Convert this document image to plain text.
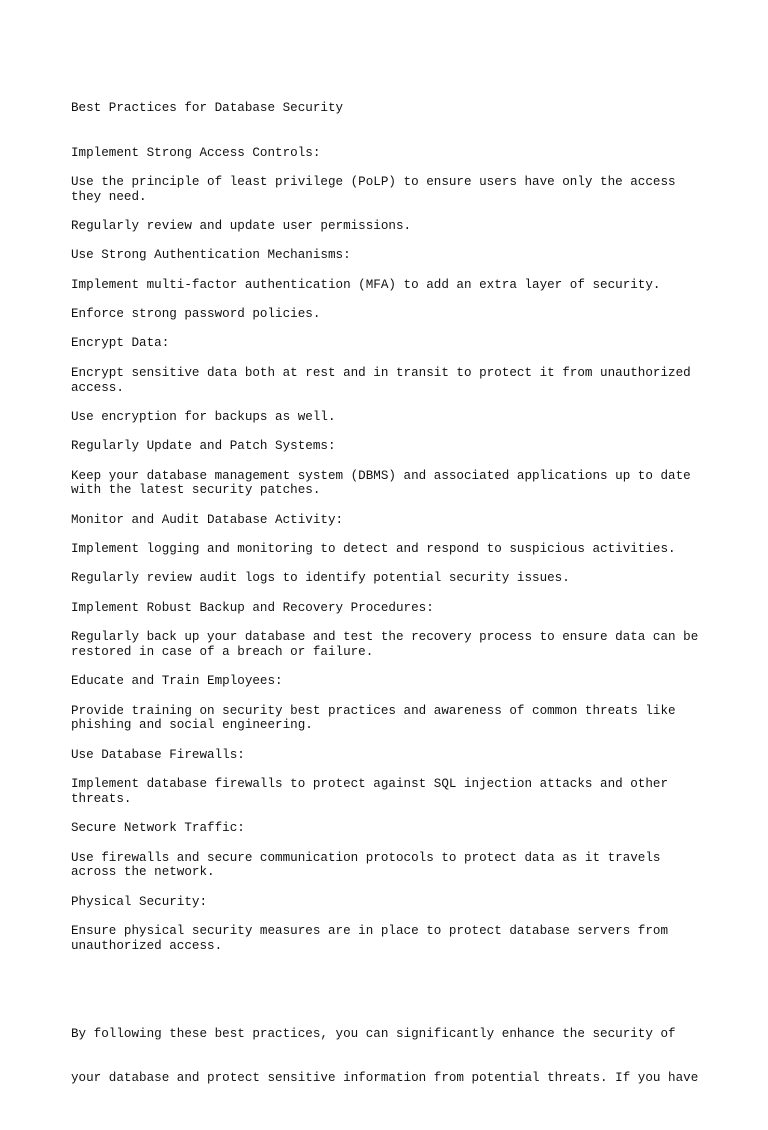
Best Practices for Database Security

Implement Strong Access Controls:
Use the principle of least privilege (PoLP) to ensure users have only the access
they need.
Regularly review and update user permissions.
Use Strong Authentication Mechanisms:
Implement multi-factor authentication (MFA) to add an extra layer of security.
Enforce strong password policies.
Encrypt Data:
Encrypt sensitive data both at rest and in transit to protect it from unauthorized
access.
Use encryption for backups as well.
Regularly Update and Patch Systems:
Keep your database management system (DBMS) and associated applications up to date
with the latest security patches.
Monitor and Audit Database Activity:
Implement logging and monitoring to detect and respond to suspicious activities.
Regularly review audit logs to identify potential security issues.
Implement Robust Backup and Recovery Procedures:
Regularly back up your database and test the recovery process to ensure data can be
restored in case of a breach or failure.
Educate and Train Employees:
Provide training on security best practices and awareness of common threats like
phishing and social engineering.
Use Database Firewalls:
Implement database firewalls to protect against SQL injection attacks and other
threats.
Secure Network Traffic:
Use firewalls and secure communication protocols to protect data as it travels
across the network.
Physical Security:
Ensure physical security measures are in place to protect database servers from
unauthorized access.

By following these best practices, you can significantly enhance the security of

your database and protect sensitive information from potential threats. If you have
